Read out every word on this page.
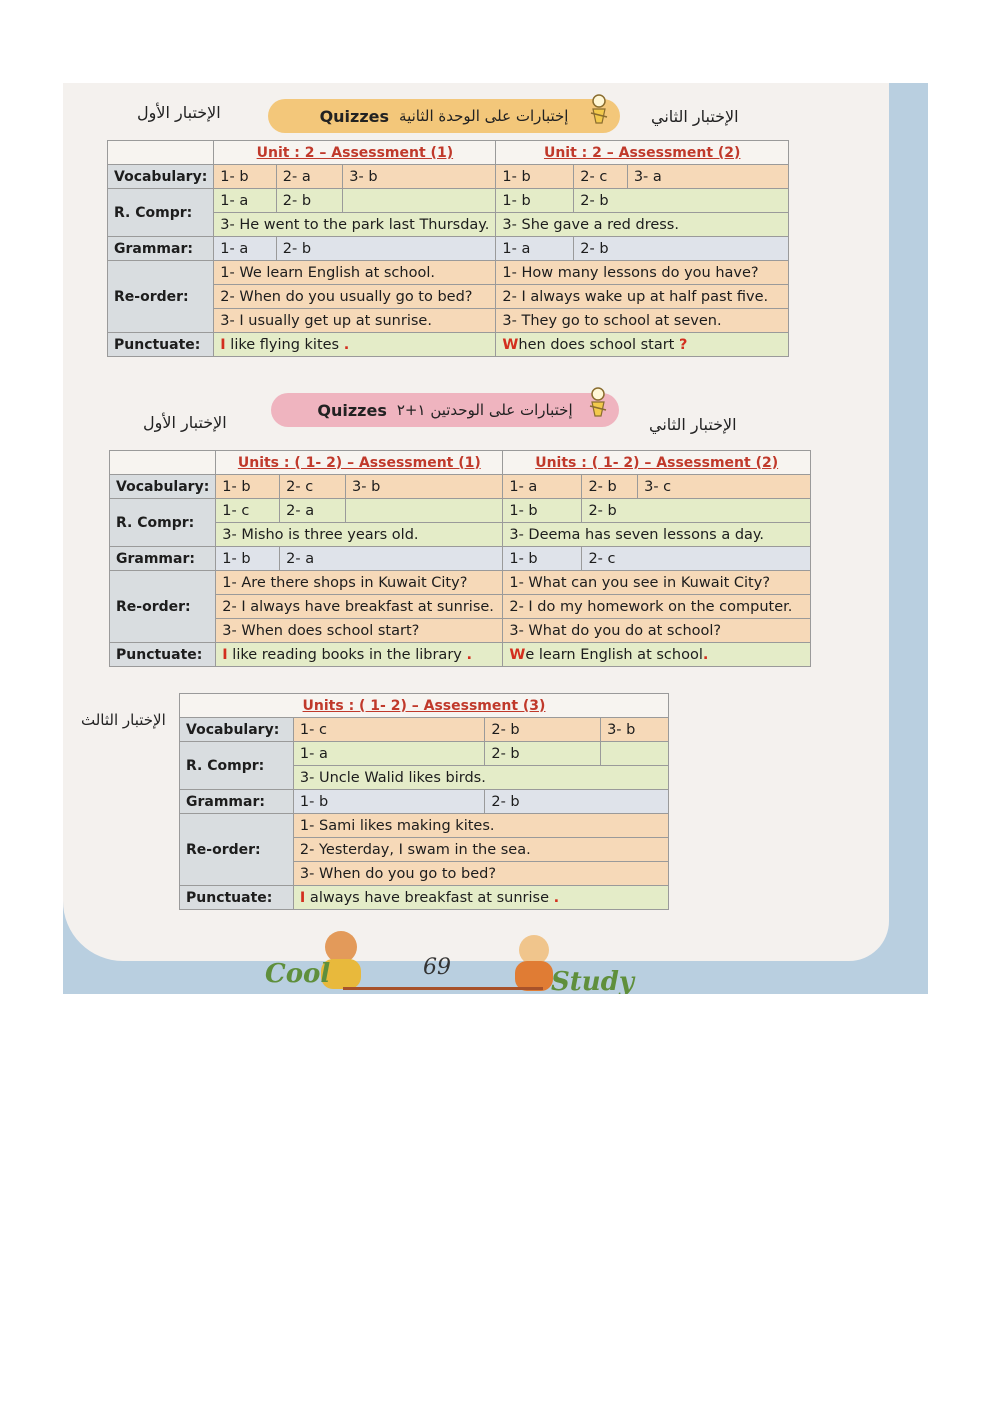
الإختبار الأول	الإختبار الثاني
Quizzes إختبارات على الوحدة الثانية
	Unit : 2 – Assessment (1)			Unit : 2 – Assessment (2)		
Vocabulary:	1- b	2- a	3- b	1- b	2- c	3- a
R. Compr:	1- a	2- b		1- b	2- b	
	3- He went to the park last Thursday.			3- She gave a red dress.		
Grammar:	1- a	2- b		1- a	2- b	
Re-order:	1- We learn English at school.			1- How many lessons do you have?		
	2- When do you usually go to bed?			2- I always wake up at half past five.		
	3- I usually get up at sunrise.			3- They go to school at seven.		
Punctuate:	I like flying kites .			When does school start ?		
الإختبار الأول	الإختبار الثاني
Quizzes إختبارات على الوحدتين ١+٢
	Units : ( 1- 2) – Assessment (1)			Units : ( 1- 2) – Assessment (2)		
Vocabulary:	1- b	2- c	3- b	1- a	2- b	3- c
R. Compr:	1- c	2- a		1- b	2- b	
	3- Misho is three years old.			3- Deema has seven lessons a day.		
Grammar:	1- b	2- a		1- b	2- c	
Re-order:	1- Are there shops in Kuwait City?			1- What can you see in Kuwait City?		
	2- I always have breakfast at sunrise.			2- I do my homework on the computer.		
	3- When does school start?			3- What do you do at school?		
Punctuate:	I like reading books in the library .			We learn English at school.		
الإختبار الثالث
Units : ( 1- 2) – Assessment (3)			
Vocabulary:	1- c	2- b	3- b
R. Compr:	1- a	2- b	
	3- Uncle Walid likes birds.		
Grammar:	1- b	2- b	
Re-order:	1- Sami likes making kites.		
	2- Yesterday, I swam in the sea.		
	3- When do you go to bed?		
Punctuate:	I always have breakfast at sunrise .		
Cool	69	Study
